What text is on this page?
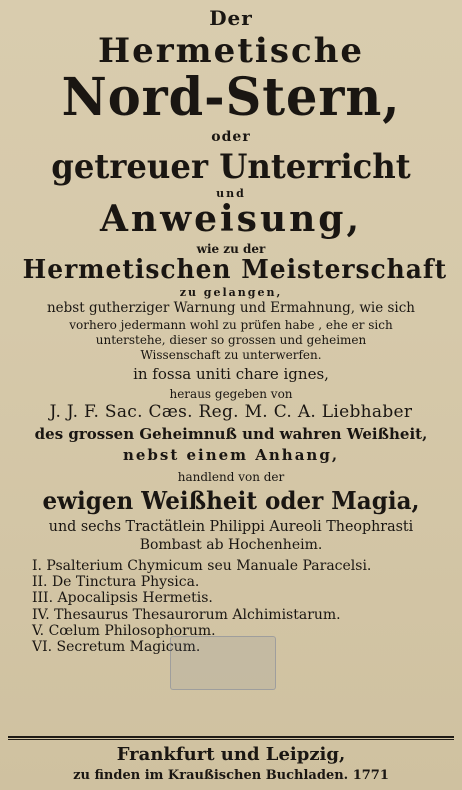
Der
Hermetische
Nord-Stern,
oder
getreuer Unterricht
und
Anweisung,
wie zu der
Hermetischen Meisterschaft
zu gelangen,
nebst gutherziger Warnung und Ermahnung, wie sich
vorhero jedermann wohl zu prüfen habe , ehe er sich
unterstehe, dieser so grossen und geheimen
Wissenschaft zu unterwerfen.
in fossa uniti chare ignes,
heraus gegeben von
J. J. F. Sac. Cæs. Reg. M. C. A. Liebhaber
des grossen Geheimnuß und wahren Weißheit,
nebst einem Anhang,
handlend von der
ewigen Weißheit oder Magia,
und sechs Tractätlein Philippi Aureoli Theophrasti
Bombast ab Hochenheim.
I. Psalterium Chymicum seu Manuale Paracelsi.
II. De Tinctura Physica.
III. Apocalipsis Hermetis.
IV. Thesaurus Thesaurorum Alchimistarum.
V. Cœlum Philosophorum.
VI. Secretum Magicum.
Frankfurt und Leipzig,
zu finden im Kraußischen Buchladen. 1771
